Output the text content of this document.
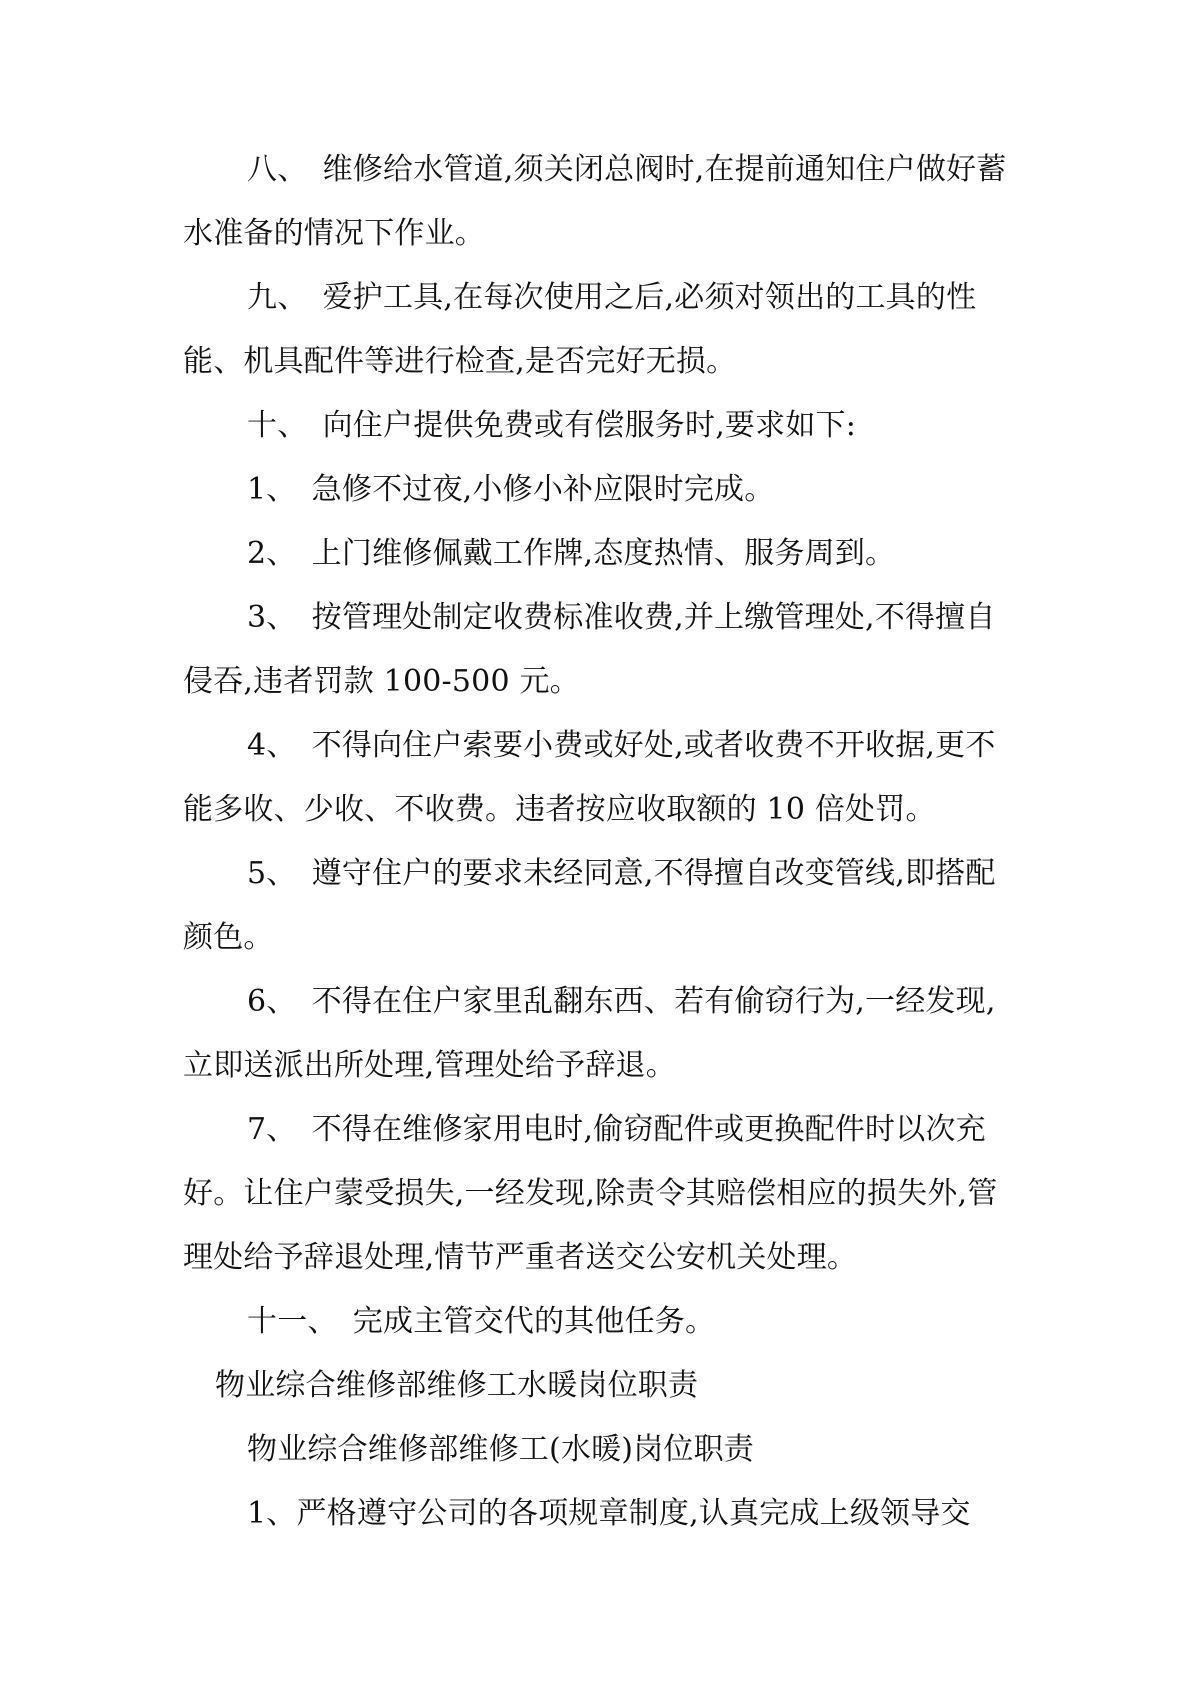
八、　维修给水管道,须关闭总阀时,在提前通知住户做好蓄水准备的情况下作业。

九、　爱护工具,在每次使用之后,必须对领出的工具的性能、机具配件等进行检查,是否完好无损。

十、　向住户提供免费或有偿服务时,要求如下:

1、　急修不过夜,小修小补应限时完成。

2、　上门维修佩戴工作牌,态度热情、服务周到。

3、　按管理处制定收费标准收费,并上缴管理处,不得擅自侵吞,违者罚款 100-500 元。

4、　不得向住户索要小费或好处,或者收费不开收据,更不能多收、少收、不收费。违者按应收取额的 10 倍处罚。

5、　遵守住户的要求未经同意,不得擅自改变管线,即搭配颜色。

6、　不得在住户家里乱翻东西、若有偷窃行为,一经发现,立即送派出所处理,管理处给予辞退。

7、　不得在维修家用电时,偷窃配件或更换配件时以次充好。让住户蒙受损失,一经发现,除责令其赔偿相应的损失外,管理处给予辞退处理,情节严重者送交公安机关处理。

十一、　完成主管交代的其他任务。

物业综合维修部维修工水暖岗位职责

物业综合维修部维修工(水暖)岗位职责

1、严格遵守公司的各项规章制度,认真完成上级领导交
